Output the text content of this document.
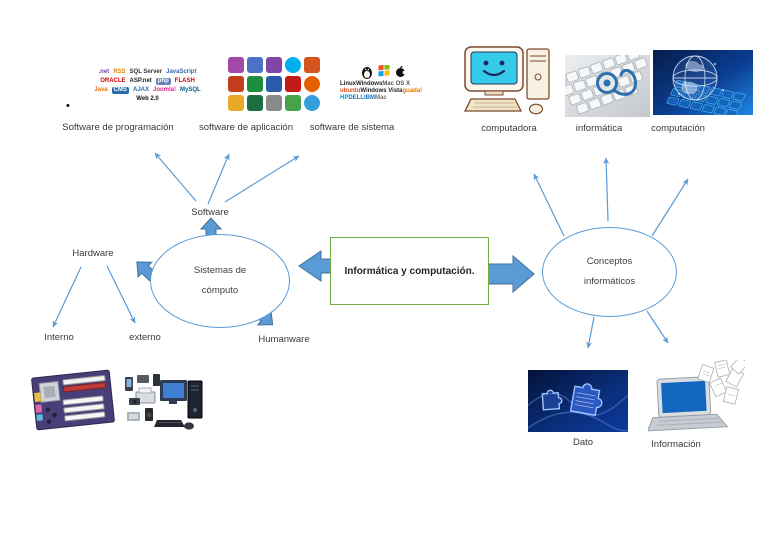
•
.net RSS SQL Server JavaScript
ORACLE ASP.net	php	FLASH
Java	CMS	AJAX Joomla! MySQL
Web 2.0
LinuxWindowsMac OS XubuntuWindows Vistaguada!HPDELLIBMMac
Software de programación	software de aplicación	software de sistema	computadora	informática	computación
Sistemas de
cómputo
Conceptos
informáticos
Informática y computación.
Software
Hardware
Interno	externo	Humanware
Dato	Información
